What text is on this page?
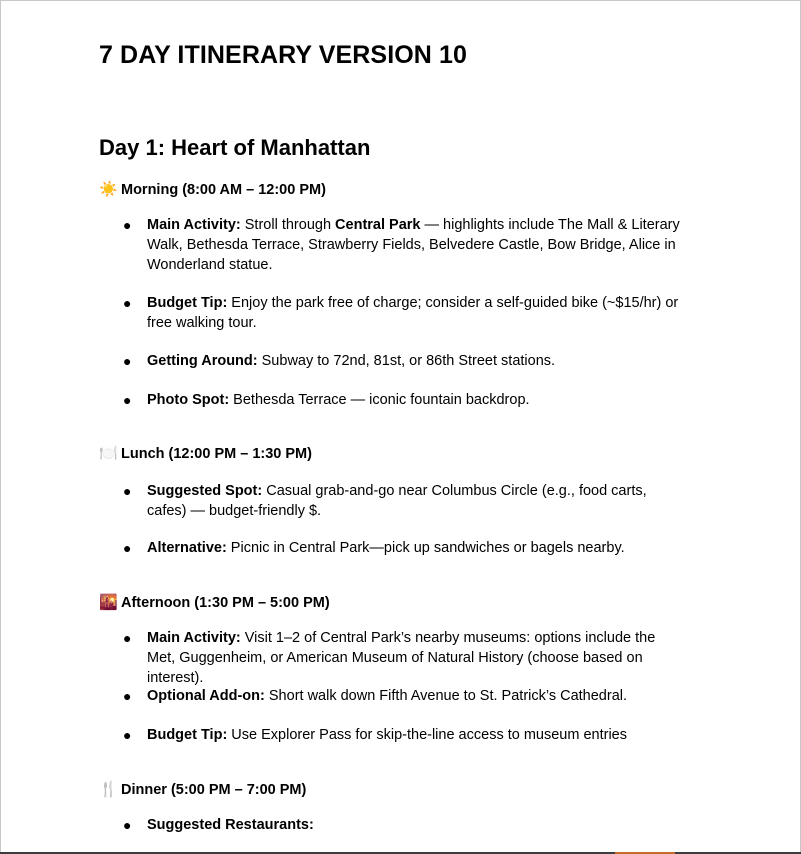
7 DAY ITINERARY VERSION 10
Day 1: Heart of Manhattan
☀️ Morning (8:00 AM – 12:00 PM)
● Main Activity: Stroll through Central Park — highlights include The Mall & Literary Walk, Bethesda Terrace, Strawberry Fields, Belvedere Castle, Bow Bridge, Alice in Wonderland statue.
● Budget Tip: Enjoy the park free of charge; consider a self-guided bike (~$15/hr) or free walking tour.
● Getting Around: Subway to 72nd, 81st, or 86th Street stations.
● Photo Spot: Bethesda Terrace — iconic fountain backdrop.
🍽️ Lunch (12:00 PM – 1:30 PM)
● Suggested Spot: Casual grab-and-go near Columbus Circle (e.g., food carts, cafes) — budget-friendly $.
● Alternative: Picnic in Central Park—pick up sandwiches or bagels nearby.
🌇 Afternoon (1:30 PM – 5:00 PM)
● Main Activity: Visit 1–2 of Central Park’s nearby museums: options include the Met, Guggenheim, or American Museum of Natural History (choose based on interest).
● Optional Add-on: Short walk down Fifth Avenue to St. Patrick’s Cathedral.
● Budget Tip: Use Explorer Pass for skip-the-line access to museum entries
🍴 Dinner (5:00 PM – 7:00 PM)
● Suggested Restaurants:
